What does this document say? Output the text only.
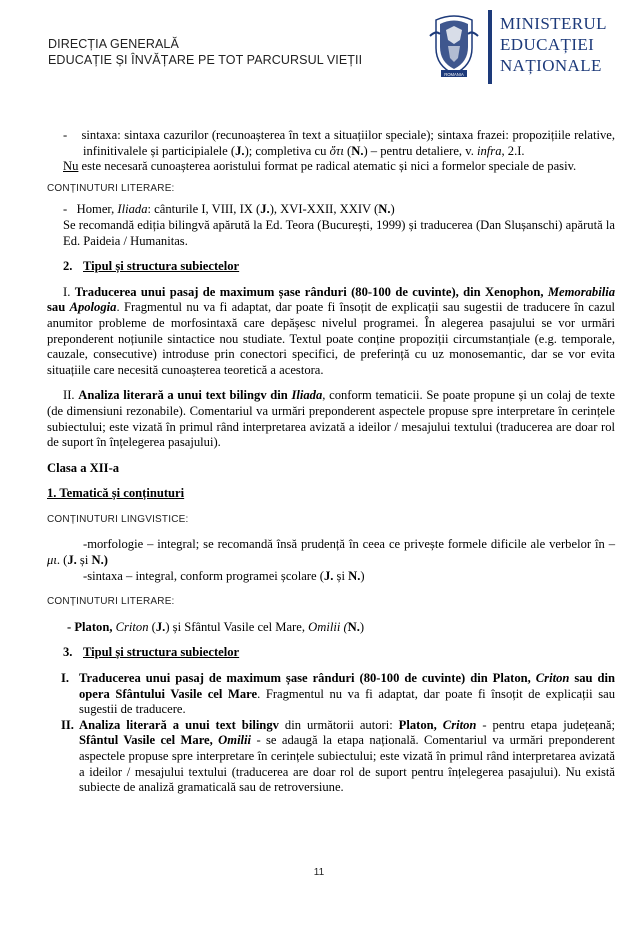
DIRECȚIA GENERALĂ
EDUCAȚIE ȘI ÎNVĂȚARE PE TOT PARCURSUL VIEȚII
ROMANIA
MINISTERUL
EDUCAȚIEI
NAȚIONALE

- sintaxa: sintaxa cazurilor (recunoașterea în text a situațiilor speciale); sintaxa frazei: propozițiile relative, infinitivalele și participialele (J.); completiva cu ὅτι (N.) – pentru detaliere, v. infra, 2.I.

Nu este necesară cunoașterea aoristului format pe radical atematic și nici a formelor speciale de pasiv.

CONȚINUTURI LITERARE:

- Homer, Iliada: cânturile I, VIII, IX (J.), XVI-XXII, XXIV (N.)

Se recomandă ediția bilingvă apărută la Ed. Teora (București, 1999) și traducerea (Dan Slușanschi) apărută la Ed. Paideia / Humanitas.

2. Tipul și structura subiectelor

I. Traducerea unui pasaj de maximum șase rânduri (80-100 de cuvinte), din Xenophon, Memorabilia sau Apologia. Fragmentul nu va fi adaptat, dar poate fi însoțit de explicații sau sugestii de traducere în cazul anumitor probleme de morfosintaxă care depășesc nivelul programei. În alegerea pasajului se vor urmări preponderent noțiunile sintactice nou studiate. Textul poate conține propoziții circumstanțiale (e.g. temporale, cauzale, consecutive) introduse prin conectori specifici, de preferință cu uz monosemantic, dar se vor evita situațiile care necesită cunoașterea teoretică a acestora.

II. Analiza literară a unui text bilingv din Iliada, conform tematicii. Se poate propune și un colaj de texte (de dimensiuni rezonabile). Comentariul va urmări preponderent aspectele propuse spre interpretare în cerințele subiectului; este vizată în primul rând interpretarea avizată a ideilor / mesajului textului (traducerea are doar rol de suport în înțelegerea pasajului).

Clasa a XII-a

1. Tematică și conținuturi

CONȚINUTURI LINGVISTICE:

-morfologie – integral; se recomandă însă prudență în ceea ce privește formele dificile ale verbelor în –μι. (J. și N.)

-sintaxa – integral, conform programei școlare (J. și N.)

CONȚINUTURI LITERARE:

- Platon, Criton (J.) și Sfântul Vasile cel Mare, Omilii (N.)

3. Tipul și structura subiectelor

I. Traducerea unui pasaj de maximum șase rânduri (80-100 de cuvinte) din Platon, Criton sau din opera Sfântului Vasile cel Mare. Fragmentul nu va fi adaptat, dar poate fi însoțit de explicații sau sugestii de traducere.

II. Analiza literară a unui text bilingv din următorii autori: Platon, Criton - pentru etapa județeană; Sfântul Vasile cel Mare, Omilii - se adaugă la etapa națională. Comentariul va urmări preponderent aspectele propuse spre interpretare în cerințele subiectului; este vizată în primul rând interpretarea avizată a ideilor / mesajului textului (traducerea are doar rol de suport pentru înțelegerea pasajului). Nu există subiecte de analiză gramaticală sau de retroversiune.

11
